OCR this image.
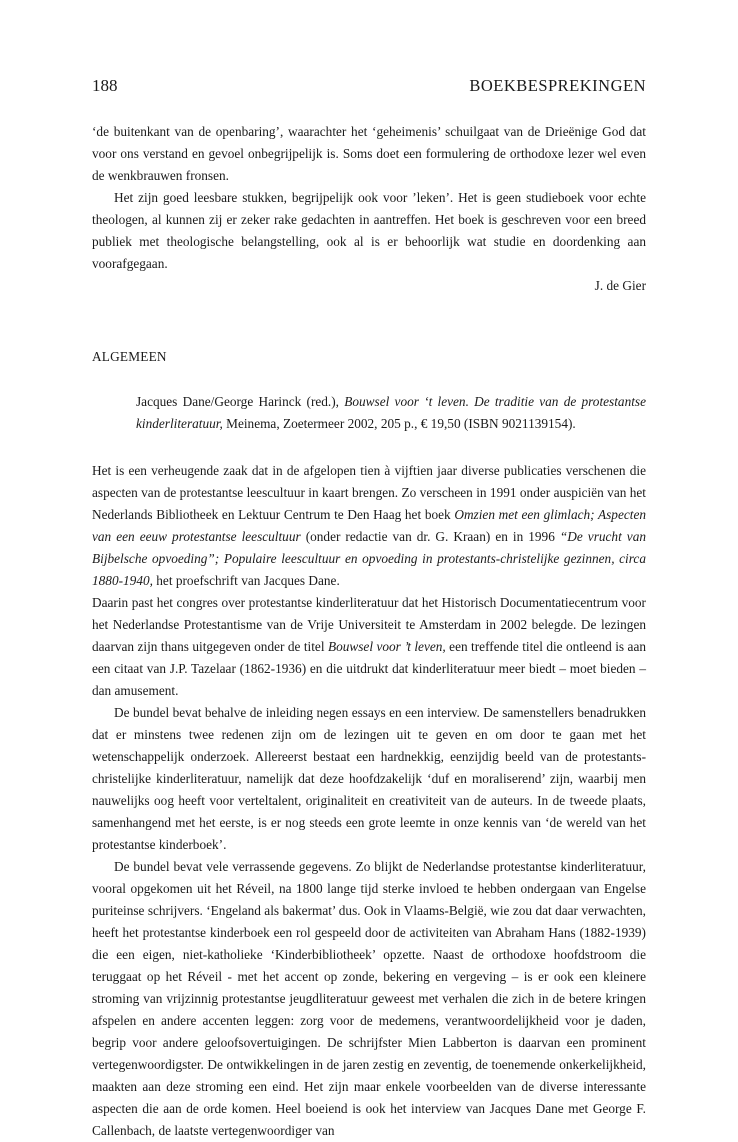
188	BOEKBESPREKINGEN

‘de buitenkant van de openbaring’, waarachter het ‘geheimenis’ schuilgaat van de Drieënige God dat voor ons verstand en gevoel onbegrijpelijk is. Soms doet een formulering de orthodoxe lezer wel even de wenkbrauwen fronsen.

Het zijn goed leesbare stukken, begrijpelijk ook voor ’leken’. Het is geen studieboek voor echte theologen, al kunnen zij er zeker rake gedachten in aantreffen. Het boek is geschreven voor een breed publiek met theologische belangstelling, ook al is er behoorlijk wat studie en doordenking aan voorafgegaan.

J. de Gier
ALGEMEEN

Jacques Dane/George Harinck (red.), Bouwsel voor ‘t leven. De traditie van de protestantse kinderliteratuur, Meinema, Zoetermeer 2002, 205 p., € 19,50 (ISBN 9021139154).

Het is een verheugende zaak dat in de afgelopen tien à vijftien jaar diverse publicaties verschenen die aspecten van de protestantse leescultuur in kaart brengen. Zo verscheen in 1991 onder auspiciën van het Nederlands Bibliotheek en Lektuur Centrum te Den Haag het boek Omzien met een glimlach; Aspecten van een eeuw protestantse leescultuur (onder redactie van dr. G. Kraan) en in 1996 “De vrucht van Bijbelsche opvoeding”; Populaire leescultuur en opvoeding in protestants-christelijke gezinnen, circa 1880-1940, het proefschrift van Jacques Dane.

Daarin past het congres over protestantse kinderliteratuur dat het Historisch Documentatiecentrum voor het Nederlandse Protestantisme van de Vrije Universiteit te Amsterdam in 2002 belegde. De lezingen daarvan zijn thans uitgegeven onder de titel Bouwsel voor ’t leven, een treffende titel die ontleend is aan een citaat van J.P. Tazelaar (1862-1936) en die uitdrukt dat kinderliteratuur meer biedt – moet bieden – dan amusement.

De bundel bevat behalve de inleiding negen essays en een interview. De samenstellers benadrukken dat er minstens twee redenen zijn om de lezingen uit te geven en om door te gaan met het wetenschappelijk onderzoek. Allereerst bestaat een hardnekkig, eenzijdig beeld van de protestants-christelijke kinderliteratuur, namelijk dat deze hoofdzakelijk ‘duf en moraliserend’ zijn, waarbij men nauwelijks oog heeft voor verteltalent, originaliteit en creativiteit van de auteurs. In de tweede plaats, samenhangend met het eerste, is er nog steeds een grote leemte in onze kennis van ‘de wereld van het protestantse kinderboek’.

De bundel bevat vele verrassende gegevens. Zo blijkt de Nederlandse protestantse kinderliteratuur, vooral opgekomen uit het Réveil, na 1800 lange tijd sterke invloed te hebben ondergaan van Engelse puriteinse schrijvers. ‘Engeland als bakermat’ dus. Ook in Vlaams-België, wie zou dat daar verwachten, heeft het protestantse kinderboek een rol gespeeld door de activiteiten van Abraham Hans (1882-1939) die een eigen, niet-katholieke ‘Kinderbibliotheek’ opzette. Naast de orthodoxe hoofdstroom die teruggaat op het Réveil - met het accent op zonde, bekering en vergeving – is er ook een kleinere stroming van vrijzinnig protestantse jeugdliteratuur geweest met verhalen die zich in de betere kringen afspelen en andere accenten leggen: zorg voor de medemens, verantwoordelijkheid voor je daden, begrip voor andere geloofsovertuigingen. De schrijfster Mien Labberton is daarvan een prominent vertegenwoordigster. De ontwikkelingen in de jaren zestig en zeventig, de toenemende onkerkelijkheid, maakten aan deze stroming een eind. Het zijn maar enkele voorbeelden van de diverse interessante aspecten die aan de orde komen. Heel boeiend is ook het interview van Jacques Dane met George F. Callenbach, de laatste vertegenwoordiger van
